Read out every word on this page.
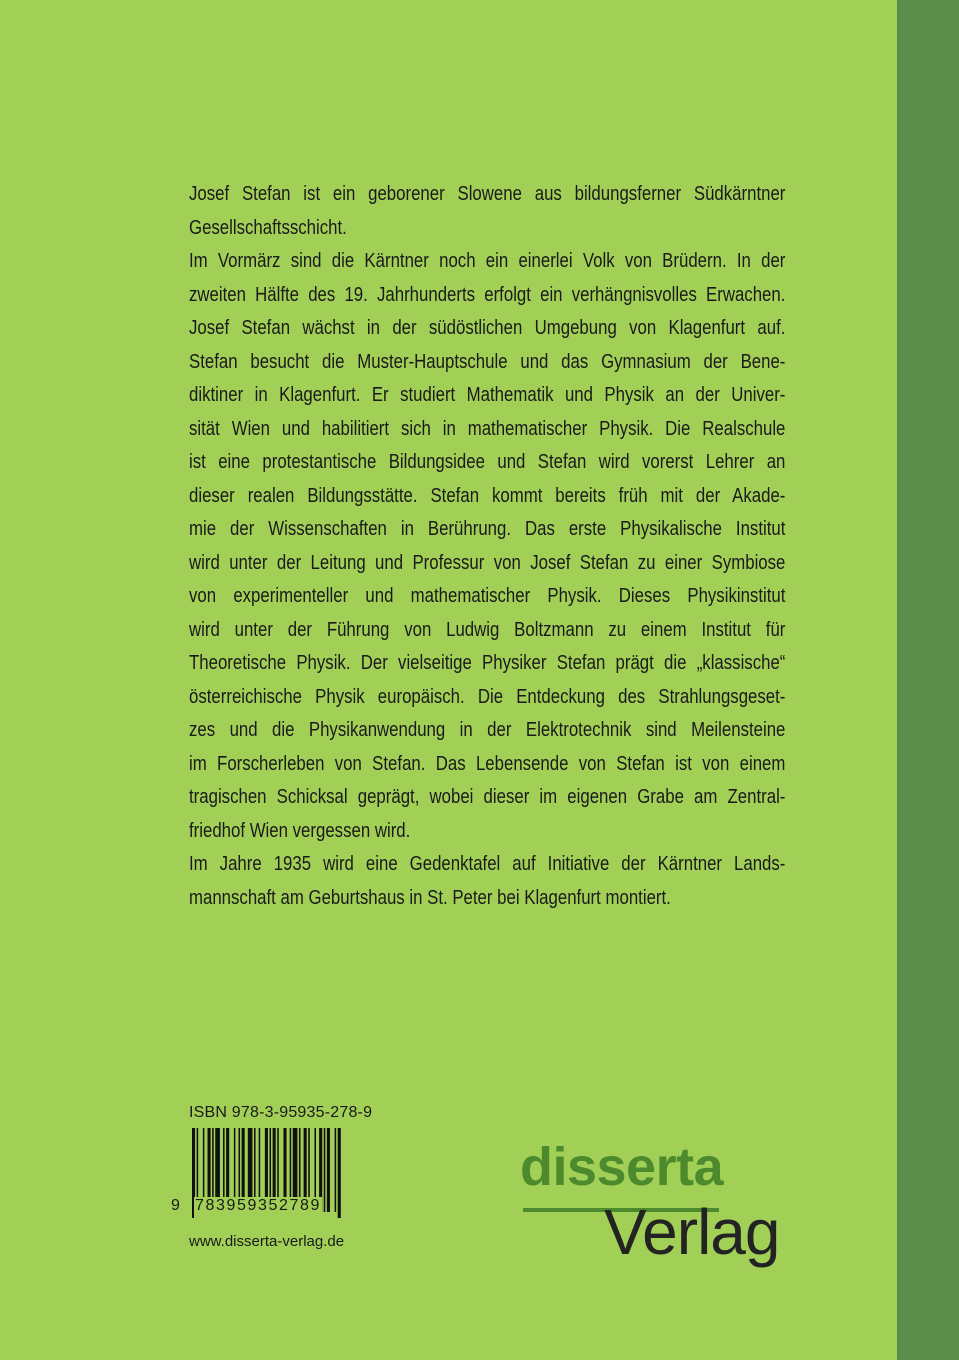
Josef Stefan ist ein geborener Slowene aus bildungsferner Südkärntner

Gesellschaftsschicht.

Im Vormärz sind die Kärntner noch ein einerlei Volk von Brüdern. In der

zweiten Hälfte des 19. Jahrhunderts erfolgt ein verhängnisvolles Erwachen.

Josef Stefan wächst in der südöstlichen Umgebung von Klagenfurt auf.

Stefan besucht die Muster-Hauptschule und das Gymnasium der Bene-

diktiner in Klagenfurt. Er studiert Mathematik und Physik an der Univer-

sität Wien und habilitiert sich in mathematischer Physik. Die Realschule

ist eine protestantische Bildungsidee und Stefan wird vorerst Lehrer an

dieser realen Bildungsstätte. Stefan kommt bereits früh mit der Akade-

mie der Wissenschaften in Berührung. Das erste Physikalische Institut

wird unter der Leitung und Professur von Josef Stefan zu einer Symbiose

von experimenteller und mathematischer Physik. Dieses Physikinstitut

wird unter der Führung von Ludwig Boltzmann zu einem Institut für

Theoretische Physik. Der vielseitige Physiker Stefan prägt die „klassische“

österreichische Physik europäisch. Die Entdeckung des Strahlungsgeset-

zes und die Physikanwendung in der Elektrotechnik sind Meilensteine

im Forscherleben von Stefan. Das Lebensende von Stefan ist von einem

tragischen Schicksal geprägt, wobei dieser im eigenen Grabe am Zentral-

friedhof Wien vergessen wird.

Im Jahre 1935 wird eine Gedenktafel auf Initiative der Kärntner Lands-

mannschaft am Geburtshaus in St. Peter bei Klagenfurt montiert.

ISBN 978-3-95935-278-9
9 783959352789
www.disserta-verlag.de
disserta
Verlag
